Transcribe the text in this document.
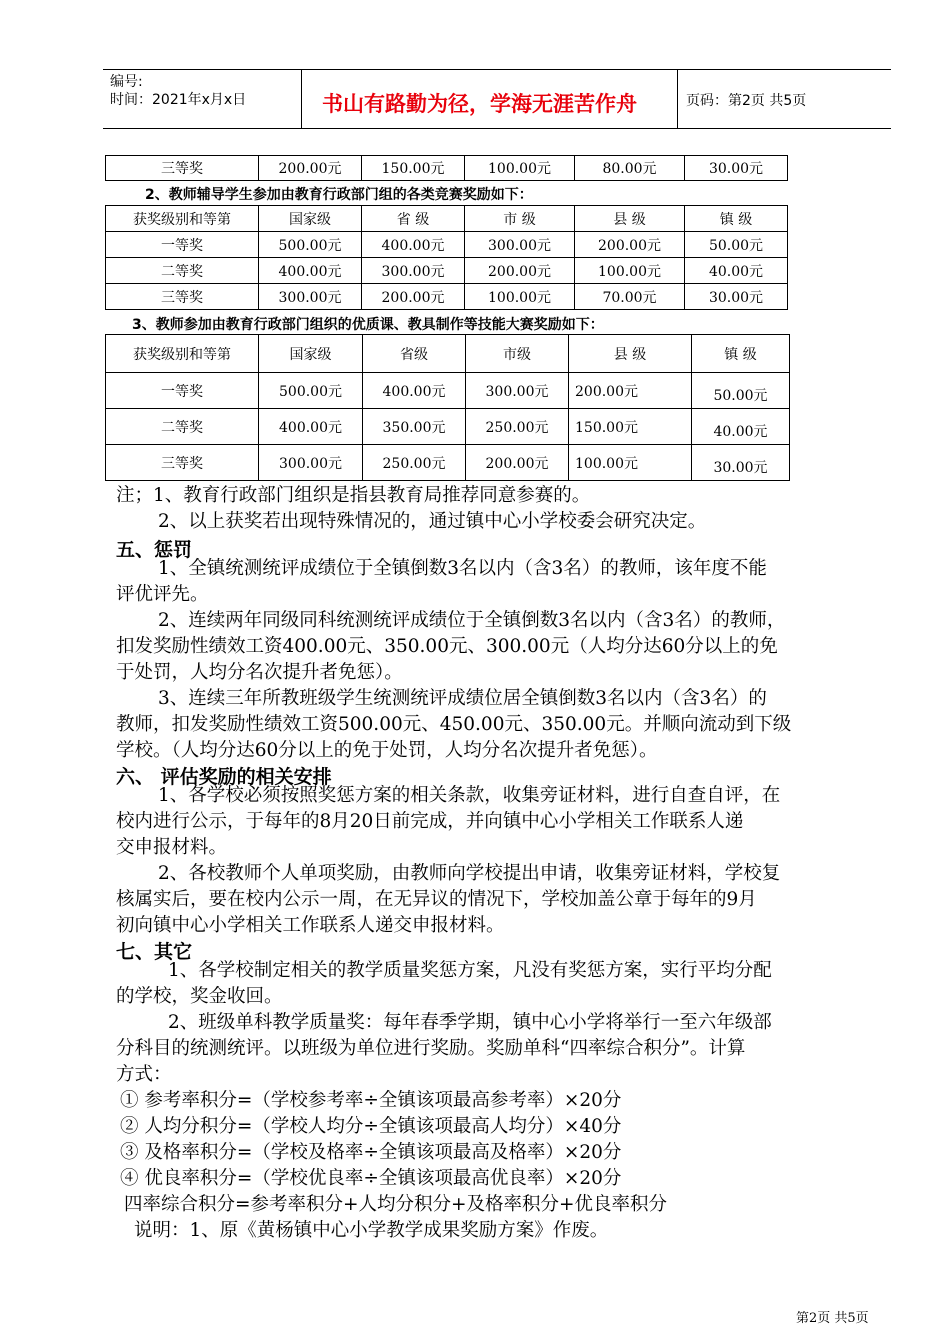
编号:
时间：2021年x月x日	书山有路勤为径，学海无涯苦作舟	页码：第2页 共5页
三等奖	200.00元	150.00元	100.00元	80.00元	30.00元
2、教师辅导学生参加由教育行政部门组的各类竞赛奖励如下：
获奖级别和等第	国家级	省 级	市 级	县 级	镇 级
一等奖	500.00元	400.00元	300.00元	200.00元	50.00元
二等奖	400.00元	300.00元	200.00元	100.00元	40.00元
三等奖	300.00元	200.00元	100.00元	70.00元	30.00元
3、教师参加由教育行政部门组织的优质课、教具制作等技能大赛奖励如下：
获奖级别和等第	国家级	省级	市级	县 级	镇 级
一等奖	500.00元	400.00元	300.00元	200.00元	50.00元
二等奖	400.00元	350.00元	250.00元	150.00元	40.00元
三等奖	300.00元	250.00元	200.00元	100.00元	30.00元
注；1、教育行政部门组织是指县教育局推荐同意参赛的。
2、以上获奖若出现特殊情况的，通过镇中心小学校委会研究决定。
五、惩罚
1、全镇统测统评成绩位于全镇倒数3名以内（含3名）的教师，该年度不能
评优评先。
2、连续两年同级同科统测统评成绩位于全镇倒数3名以内（含3名）的教师，
扣发奖励性绩效工资400.00元、350.00元、300.00元（人均分达60分以上的免
于处罚，人均分名次提升者免惩）。
3、连续三年所教班级学生统测统评成绩位居全镇倒数3名以内（含3名）的
教师，扣发奖励性绩效工资500.00元、450.00元、350.00元。并顺向流动到下级
学校。（人均分达60分以上的免于处罚，人均分名次提升者免惩）。
六、 评估奖励的相关安排
1、各学校必须按照奖惩方案的相关条款，收集旁证材料，进行自查自评，在
校内进行公示，于每年的8月20日前完成，并向镇中心小学相关工作联系人递
交申报材料。
2、各校教师个人单项奖励，由教师向学校提出申请，收集旁证材料，学校复
核属实后，要在校内公示一周，在无异议的情况下，学校加盖公章于每年的9月
初向镇中心小学相关工作联系人递交申报材料。
七、其它
1、各学校制定相关的教学质量奖惩方案，凡没有奖惩方案，实行平均分配
的学校，奖金收回。
2、班级单科教学质量奖：每年春季学期，镇中心小学将举行一至六年级部
分科目的统测统评。以班级为单位进行奖励。奖励单科“四率综合积分”。计算
方式：
① 参考率积分=（学校参考率÷全镇该项最高参考率）×20分
② 人均分积分=（学校人均分÷全镇该项最高人均分）×40分
③ 及格率积分=（学校及格率÷全镇该项最高及格率）×20分
④ 优良率积分=（学校优良率÷全镇该项最高优良率）×20分
四率综合积分=参考率积分+人均分积分+及格率积分+优良率积分
说明：1、原《黄杨镇中心小学教学成果奖励方案》作废。
第2页 共5页
